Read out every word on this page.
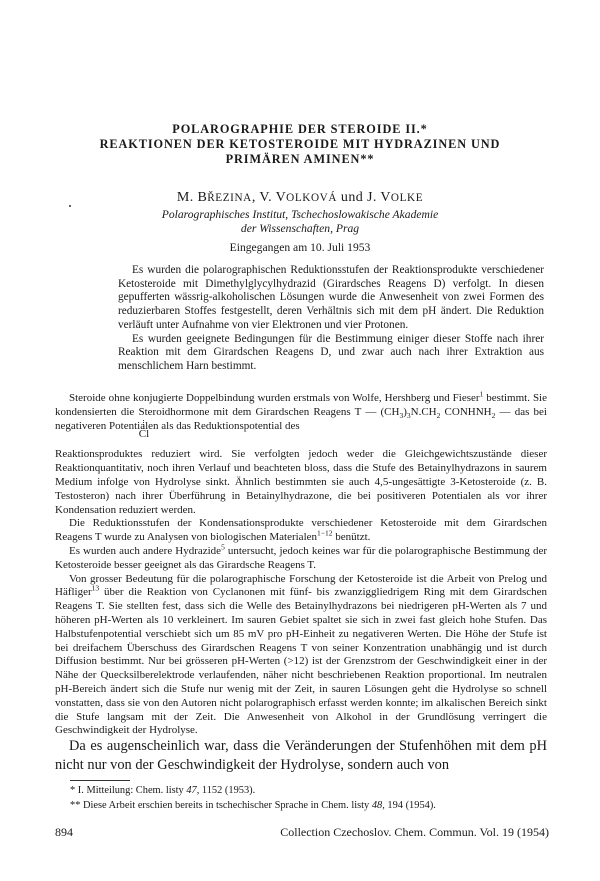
POLAROGRAPHIE DER STEROIDE II.*
REAKTIONEN DER KETOSTEROIDE MIT HYDRAZINEN UND
PRIMÄREN AMINEN**
M. BŘEZINA, V. VOLKOVÁ und J. VOLKE
Polarographisches Institut, Tschechoslowakische Akademie
der Wissenschaften, Prag
Eingegangen am 10. Juli 1953

Es wurden die polarographischen Reduktionsstufen der Reaktionsprodukte verschiedener Ketosteroide mit Dimethylglycylhydrazid (Girardsches Reagens D) verfolgt. In diesen gepufferten wässrig-alkoholischen Lösungen wurde die Anwesenheit von zwei Formen des reduzierbaren Stoffes festgestellt, deren Verhältnis sich mit dem pH ändert. Die Reduktion verläuft unter Aufnahme von vier Elektronen und vier Protonen.

Es wurden geeignete Bedingungen für die Bestimmung einiger dieser Stoffe nach ihrer Reaktion mit dem Girardschen Reagens D, und zwar auch nach ihrer Extraktion aus menschlichem Harn bestimmt.

Steroide ohne konjugierte Doppelbindung wurden erstmals von Wolfe, Hershberg und Fieser$^1$ bestimmt. Sie kondensierten die Steroidhormone mit dem Girardschen Reagens T — $(CH_3)_3N.CH_2$ $CONHNH_2$ — das bei negativeren Potentialen als das Reduktionspotential des

Reaktionsproduktes reduziert wird. Sie verfolgten jedoch weder die Gleichgewichtszustände dieser Reaktionquantitativ, noch ihren Verlauf und beachteten bloss, dass die Stufe des Betainylhydrazons in saurem Medium infolge von Hydrolyse sinkt. Ähnlich bestimmten sie auch 4,5-ungesättigte 3-Ketosteroide (z. B. Testosteron) nach ihrer Überführung in Betainylhydrazone, die bei positiveren Potentialen als vor ihrer Kondensation reduziert werden.

Die Reduktionsstufen der Kondensationsprodukte verschiedener Ketosteroide mit dem Girardschen Reagens T wurde zu Analysen von biologischen Materialen$^{1-12}$ benützt.

Es wurden auch andere Hydrazide$^5$ untersucht, jedoch keines war für die polarographische Bestimmung der Ketosteroide besser geeignet als das Girardsche Reagens T.

Von grosser Bedeutung für die polarographische Forschung der Ketosteroide ist die Arbeit von Prelog und Häfliger$^{13}$ über die Reaktion von Cyclanonen mit fünf- bis zwanziggliedrigem Ring mit dem Girardschen Reagens T. Sie stellten fest, dass sich die Welle des Betainylhydrazons bei niedrigeren pH-Werten als 7 und höheren pH-Werten als 10 verkleinert. Im sauren Gebiet spaltet sie sich in zwei fast gleich hohe Stufen. Das Halbstufenpotential verschiebt sich um 85 mV pro pH-Einheit zu negativeren Werten. Die Höhe der Stufe ist bei dreifachem Überschuss des Girardschen Reagens T von seiner Konzentration unabhängig und ist durch Diffusion bestimmt. Nur bei grösseren pH-Werten (>12) ist der Grenzstrom der Geschwindigkeit einer in der Nähe der Quecksilberelektrode verlaufenden, näher nicht beschriebenen Reaktion proportional. Im neutralen pH-Bereich ändert sich die Stufe nur wenig mit der Zeit, in sauren Lösungen geht die Hydrolyse so schnell vonstatten, dass sie von den Autoren nicht polarographisch erfasst werden konnte; im alkalischen Bereich sinkt die Stufe langsam mit der Zeit. Die Anwesenheit von Alkohol in der Grundlösung verringert die Geschwindigkeit der Hydrolyse.

Cl

Da es augenscheinlich war, dass die Veränderungen der Stufenhöhen mit dem pH nicht nur von der Geschwindigkeit der Hydrolyse, sondern auch von

* I. Mitteilung: Chem. listy 47, 1152 (1953).
** Diese Arbeit erschien bereits in tschechischer Sprache in Chem. listy 48, 194 (1954).
894	Collection Czechoslov. Chem. Commun. Vol. 19 (1954)
